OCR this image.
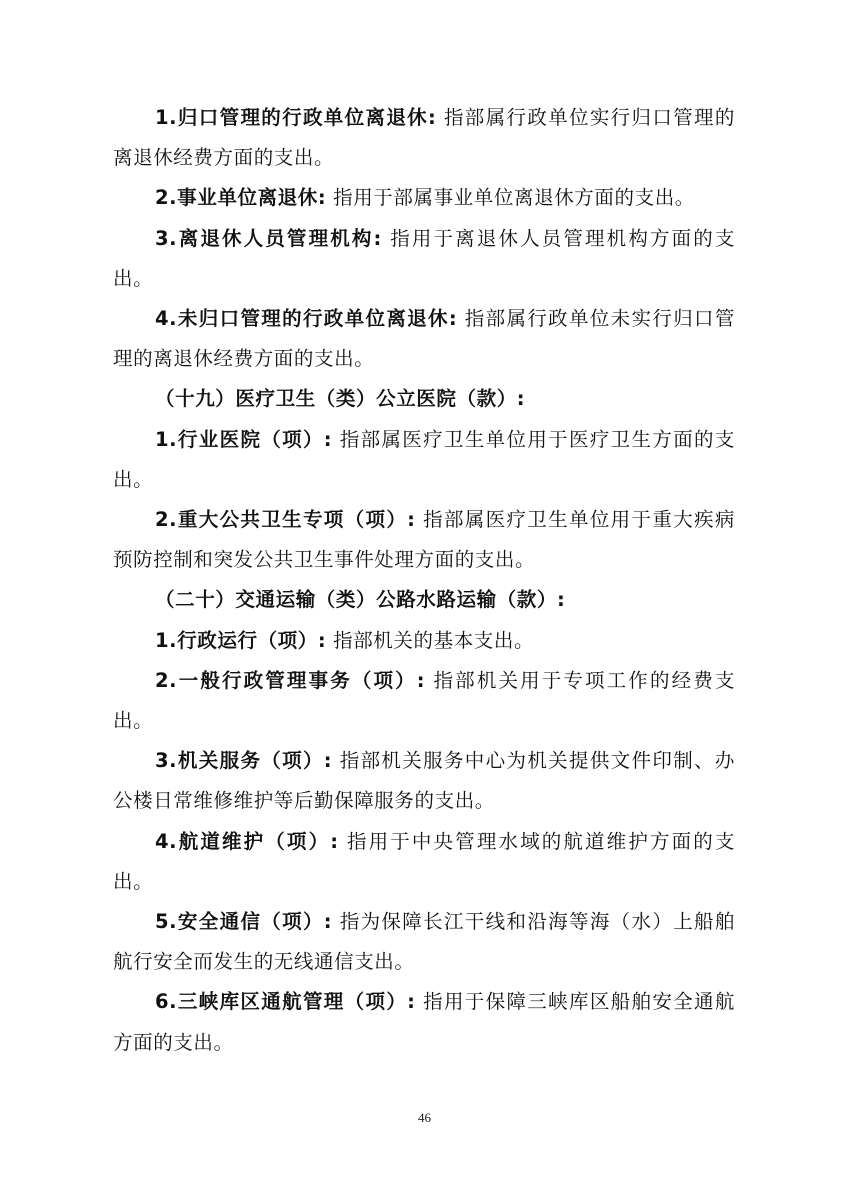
1.归口管理的行政单位离退休: 指部属行政单位实行归口管理的离退休经费方面的支出。

2.事业单位离退休: 指用于部属事业单位离退休方面的支出。

3.离退休人员管理机构: 指用于离退休人员管理机构方面的支出。

4.未归口管理的行政单位离退休: 指部属行政单位未实行归口管理的离退休经费方面的支出。

（十九）医疗卫生（类）公立医院（款）:

1.行业医院（项）: 指部属医疗卫生单位用于医疗卫生方面的支出。

2.重大公共卫生专项（项）: 指部属医疗卫生单位用于重大疾病预防控制和突发公共卫生事件处理方面的支出。

（二十）交通运输（类）公路水路运输（款）:

1.行政运行（项）: 指部机关的基本支出。

2.一般行政管理事务（项）: 指部机关用于专项工作的经费支出。

3.机关服务（项）: 指部机关服务中心为机关提供文件印制、办公楼日常维修维护等后勤保障服务的支出。

4.航道维护（项）: 指用于中央管理水域的航道维护方面的支出。

5.安全通信（项）: 指为保障长江干线和沿海等海（水）上船舶航行安全而发生的无线通信支出。

6.三峡库区通航管理（项）: 指用于保障三峡库区船舶安全通航方面的支出。

46
